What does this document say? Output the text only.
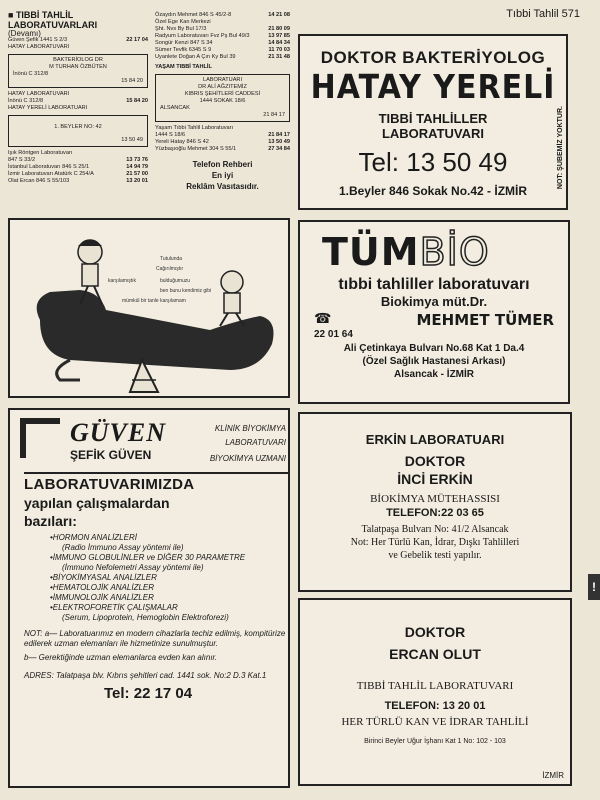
Tıbbi Tahlil 571
!
■ TIBBİ TAHLİL LABORATUVARLARI
(Devamı)
Güven Şefik 1441 S 2/3	22 17 04
HATAY LABORATUVARI
BAKTERİOLOG DR
M TURHAN ÖZBÜTEN
İnönü C 312/8
15 84 20
HATAY LABORATUVARI
İnönü C 312/8	15 84 20
HATAY YERELİ LABORATUARI
1. BEYLER NO: 42
13 50 49
Işık Röntgen Laboratuvarı
847 S 33/2	13 73 76
İstanbul Laboratuvarı 846 S 25/1	14 94 79
İzmir Laboratuvarı Atatürk C 254/A	21 57 00
Olat Ercan 846 S 55/103	13 20 01
Özaydın Mehmet 846 S 45/2-8	14 21 08
Özel Ege Kan Merkezi
Şht. Nvs By Bul 17/3	21 80 09
Radyum Laboratuvarı Fvz Pş Bul 49/3	13 97 85
Songür Kenzi 847 S 34	14 84 34
Sümer Tevfik 6345 S 9	11 70 03
Uyanlete Doğan A Çın Ky Bul 39	21 31 48
YAŞAM TIBBİ TAHLİL
LABORATUARI
DR ALİ AĞZITEMİZ
KIBRIS ŞEHİTLERİ CADDESİ
1444 SOKAK 18/6
ALSANCAK
21 84 17
Yaşam Tıbbi Tahlil Laboratuvarı
1444 S 18/6	21 84 17
Yereli Hatay 846 S 42	13 50 49
Yüzbaşıoğlu Mehmet 304 S 55/1	27 34 84
Telefon Rehberi
En iyi
Reklâm Vasıtasıdır.
DOKTOR BAKTERİYOLOG
HATAY YERELİ
TIBBİ TAHLİLLER
LABORATUVARI
Tel: 13 50 49
1.Beyler 846 Sokak No.42 - İZMİR
NOT: ŞUBEMİZ YOKTUR.
Tutulunda
Cağırılmıştır
karşılamıştık	bulduğumuzu
ben bunu kendimiz gibi
mümkül bir tanle karşılamam
TÜMBİO
tıbbi tahliller laboratuvarı
Biokimya müt.Dr.
☎	MEHMET TÜMER
22 01 64
Ali Çetinkaya Bulvarı No.68 Kat 1 Da.4
(Özel Sağlık Hastanesi Arkası)
Alsancak - İZMİR
GÜVEN
ŞEFİK GÜVEN
KLİNİK BİYOKİMYA
LABORATUVARI
BİYOKİMYA UZMANI
LABORATUVARIMIZDA
yapılan çalışmalardan
bazıları:
•HORMON ANALİZLERİ
(Radio İmmuno Assay yöntemi ile)
•İMMUNO GLOBULİNLER ve DİĞER 30 PARAMETRE
(İmmuno Nefolemetri Assay yöntemi ile)
•BİYOKİMYASAL ANALİZLER
•HEMATOLOJİK ANALİZLER
•İMMUNOLOJİK ANALİZLER
•ELEKTROFORETİK ÇALIŞMALAR
(Serum, Lipoprotein, Hemoglobin Elektroforezi)
NOT: a— Laboratuarımız en modern cihazlarla techiz edilmiş, kompitürize edilerek uzman elemanları ile hizmetinize sunulmuştur.
b— Gerektiğinde uzman elemanlarca evden kan alınır.
ADRES: Talatpaşa blv. Kıbrıs şehitleri cad. 1441 sok. No:2 D.3 Kat.1
Tel: 22 17 04
ERKİN LABORATUARI
DOKTOR
İNCİ ERKİN
BİOKİMYA MÜTEHASSISI
TELEFON:22 03 65
Talatpaşa Bulvarı No: 41/2 Alsancak
Not: Her Türlü Kan, İdrar, Dışkı Tahlilleri
ve Gebelik testi yapılır.
DOKTOR
ERCAN OLUT
TIBBİ TAHLİL LABORATUVARI
TELEFON: 13 20 01
HER TÜRLÜ KAN VE İDRAR TAHLİLİ
Birinci Beyler Uğur İşhanı Kat 1 No: 102 - 103
İZMİR
